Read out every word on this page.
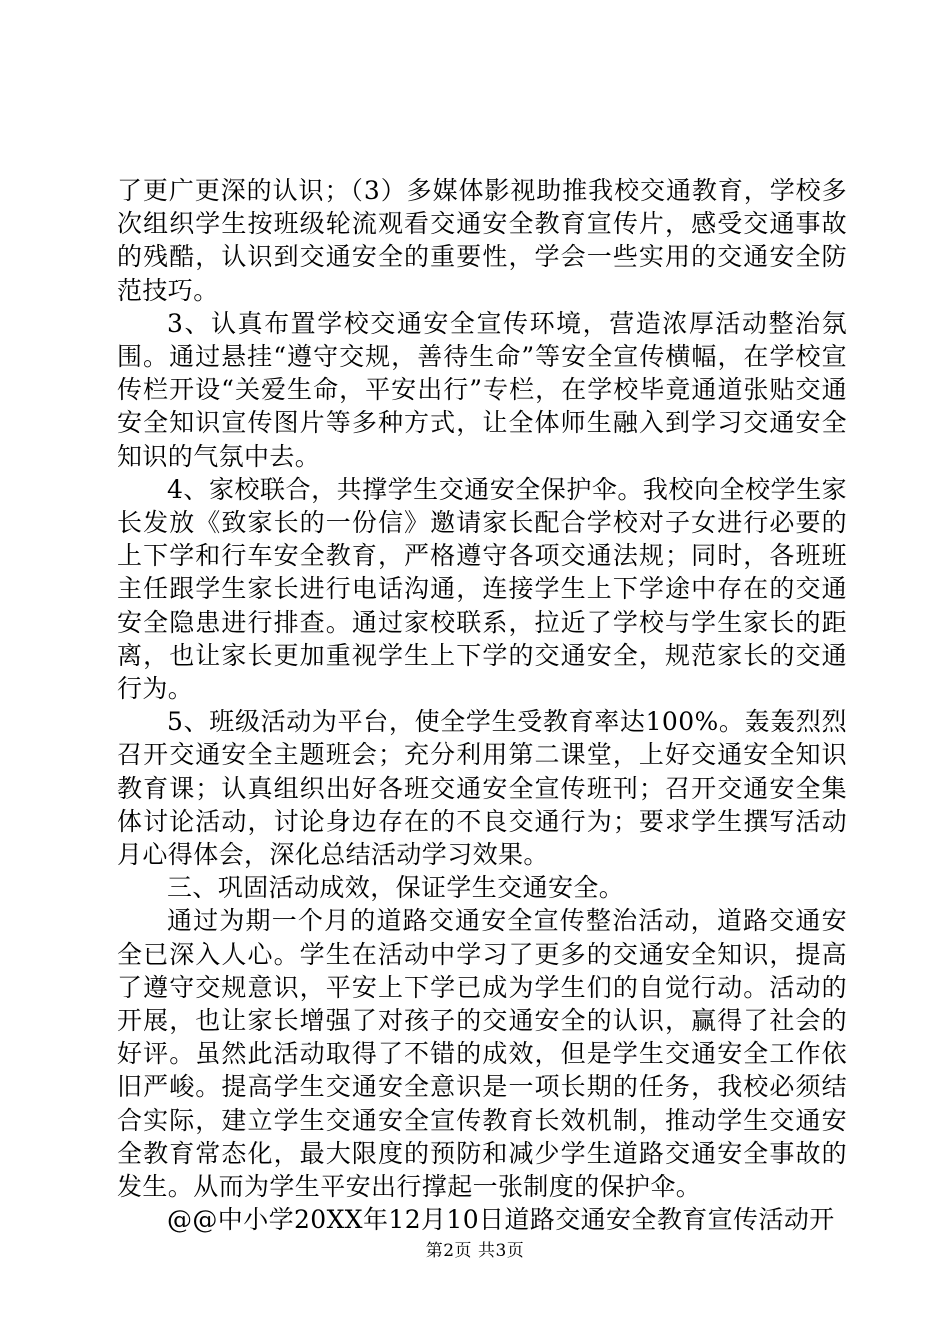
了更广更深的认识；（3）多媒体影视助推我校交通教育，学校多次组织学生按班级轮流观看交通安全教育宣传片，感受交通事故的残酷，认识到交通安全的重要性，学会一些实用的交通安全防范技巧。

3、认真布置学校交通安全宣传环境，营造浓厚活动整治氛围。通过悬挂“遵守交规，善待生命”等安全宣传横幅，在学校宣传栏开设“关爱生命，平安出行”专栏，在学校毕竟通道张贴交通安全知识宣传图片等多种方式，让全体师生融入到学习交通安全知识的气氛中去。

4、家校联合，共撑学生交通安全保护伞。我校向全校学生家长发放《致家长的一份信》邀请家长配合学校对子女进行必要的上下学和行车安全教育，严格遵守各项交通法规；同时，各班班主任跟学生家长进行电话沟通，连接学生上下学途中存在的交通安全隐患进行排查。通过家校联系，拉近了学校与学生家长的距离，也让家长更加重视学生上下学的交通安全，规范家长的交通行为。

5、班级活动为平台，使全学生受教育率达100%。轰轰烈烈召开交通安全主题班会；充分利用第二课堂，上好交通安全知识教育课；认真组织出好各班交通安全宣传班刊；召开交通安全集体讨论活动，讨论身边存在的不良交通行为；要求学生撰写活动月心得体会，深化总结活动学习效果。

三、巩固活动成效，保证学生交通安全。

通过为期一个月的道路交通安全宣传整治活动，道路交通安全已深入人心。学生在活动中学习了更多的交通安全知识，提高了遵守交规意识，平安上下学已成为学生们的自觉行动。活动的开展，也让家长增强了对孩子的交通安全的认识，赢得了社会的好评。虽然此活动取得了不错的成效，但是学生交通安全工作依旧严峻。提高学生交通安全意识是一项长期的任务，我校必须结合实际，建立学生交通安全宣传教育长效机制，推动学生交通安全教育常态化，最大限度的预防和减少学生道路交通安全事故的发生。从而为学生平安出行撑起一张制度的保护伞。

@@中小学20XX年12月10日道路交通安全教育宣传活动开

第2页 共3页
